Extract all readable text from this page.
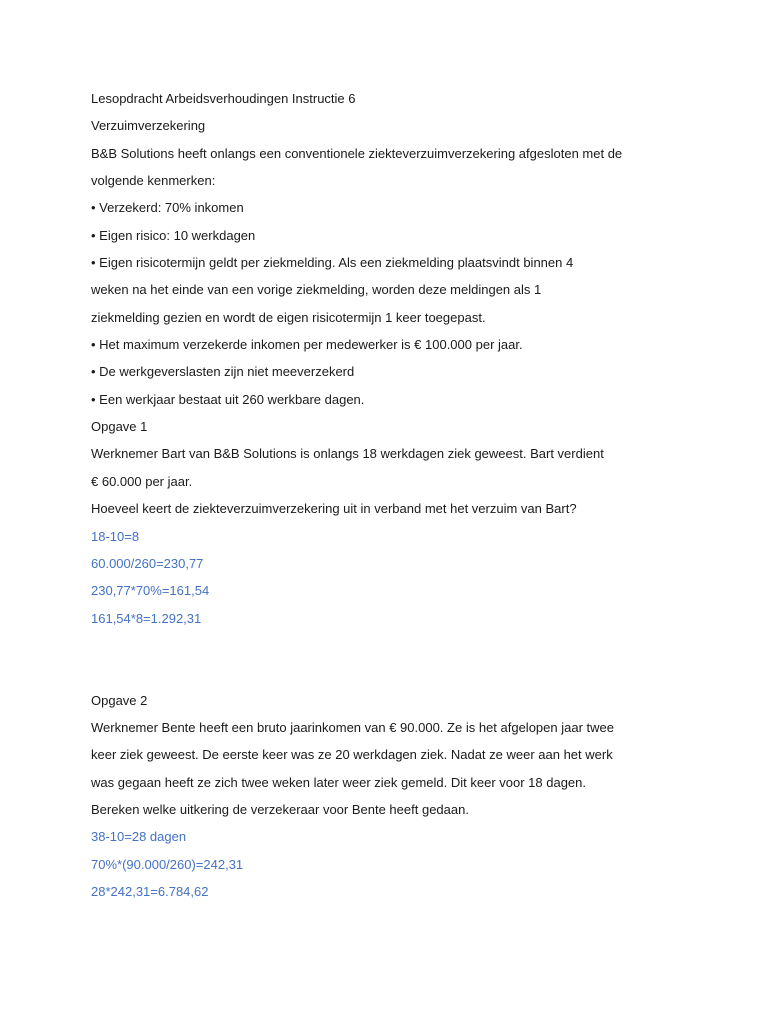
Lesopdracht Arbeidsverhoudingen Instructie 6
Verzuimverzekering
B&B Solutions heeft onlangs een conventionele ziekteverzuimverzekering afgesloten met de
volgende kenmerken:
• Verzekerd: 70% inkomen
• Eigen risico: 10 werkdagen
• Eigen risicotermijn geldt per ziekmelding. Als een ziekmelding plaatsvindt binnen 4
weken na het einde van een vorige ziekmelding, worden deze meldingen als 1
ziekmelding gezien en wordt de eigen risicotermijn 1 keer toegepast.
• Het maximum verzekerde inkomen per medewerker is € 100.000 per jaar.
• De werkgeverslasten zijn niet meeverzekerd
• Een werkjaar bestaat uit 260 werkbare dagen.
Opgave 1
Werknemer Bart van B&B Solutions is onlangs 18 werkdagen ziek geweest. Bart verdient
€ 60.000 per jaar.
Hoeveel keert de ziekteverzuimverzekering uit in verband met het verzuim van Bart?
18-10=8
60.000/260=230,77
230,77*70%=161,54
161,54*8=1.292,31
Opgave 2
Werknemer Bente heeft een bruto jaarinkomen van € 90.000. Ze is het afgelopen jaar twee
keer ziek geweest. De eerste keer was ze 20 werkdagen ziek. Nadat ze weer aan het werk
was gegaan heeft ze zich twee weken later weer ziek gemeld. Dit keer voor 18 dagen.
Bereken welke uitkering de verzekeraar voor Bente heeft gedaan.
38-10=28 dagen
70%*(90.000/260)=242,31
28*242,31=6.784,62
